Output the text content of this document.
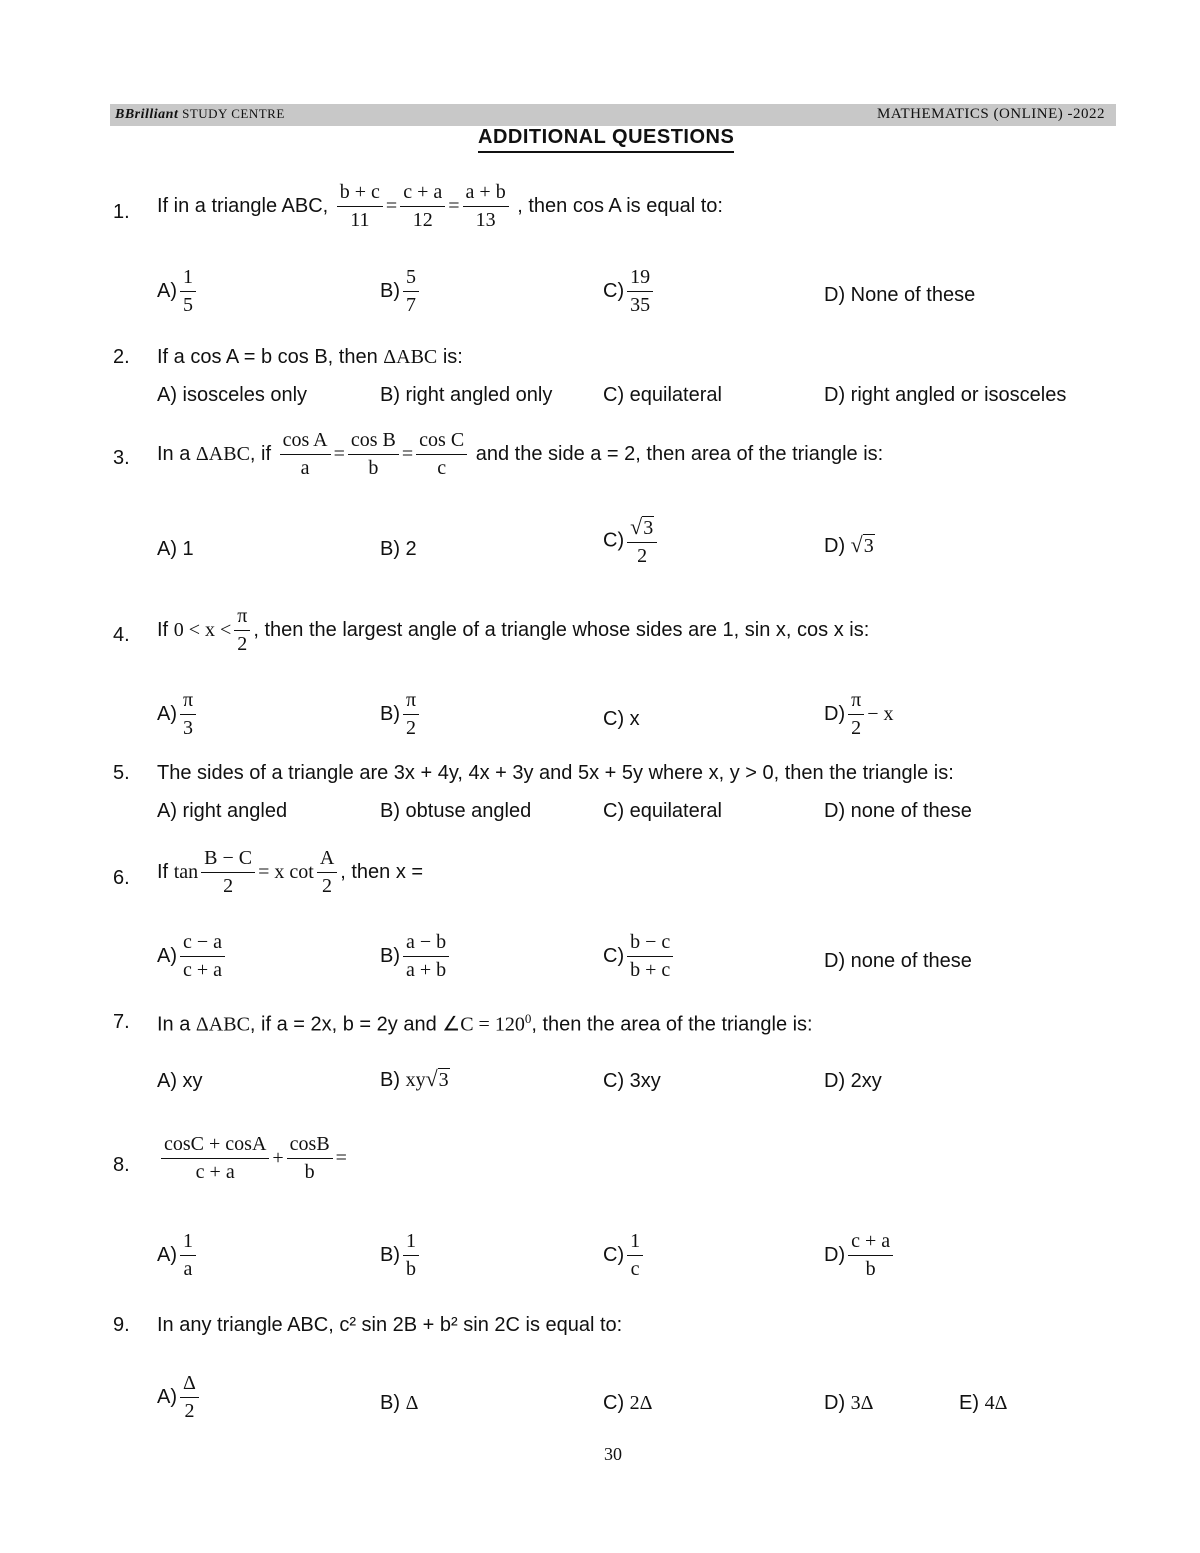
BBrilliant STUDY CENTRE	MATHEMATICS (ONLINE) -2022
ADDITIONAL QUESTIONS
1. If in a triangle ABC, $\frac{b + c}{11} = \frac{c + a}{12} = \frac{a + b}{13}$ , then cos A is equal to:
$A) \frac{1}{5}$	$B) \frac{5}{7}$	$C) \frac{19}{35}$	D) None of these
2. If a cos A = b cos B, then ΔABC is:
A) isosceles only	B) right angled only	C) equilateral	D) right angled or isosceles
3. In a ΔABC, if $\frac{\text{cos A}}{a} = \frac{\text{cos B}}{b} = \frac{\text{cos C}}{c}$ and the side a = 2, then area of the triangle is:
A) 1	B) 2	$C) \frac{√3}{2}$	D) √3
4. If $0 < x < \frac{\pi}{2}$ , then the largest angle of a triangle whose sides are 1, sin x, cos x is:
$A) \frac{\pi}{3}$	$B) \frac{\pi}{2}$	C) x	$D) \frac{\pi}{2} - x$
5. The sides of a triangle are 3x + 4y, 4x + 3y and 5x + 5y where x, y > 0, then the triangle is:
A) right angled	B) obtuse angled	C) equilateral	D) none of these
6. If $\tan \frac{B - C}{2} = x$ $\cot \frac{A}{2}$ , then x =
$A) \frac{c - a}{c + a}$	$B) \frac{a - b}{a + b}$	$C) \frac{b - c}{b + c}$	D) none of these
7. In a ΔABC, if a = 2x, b = 2y and ∠C = $120^0$, then the area of the triangle is:
A) xy	B) xy√3	C) 3xy	D) 2xy
8. $\frac{\cos C + \cos A}{c + a} + \frac{\cos B}{b}$ =
$A) \frac{1}{a}$	$B) \frac{1}{b}$	$C) \frac{1}{c}$	$D) \frac{c + a}{b}$
9. In any triangle ABC, c² sin 2B + b² sin 2C is equal to:
$A) \frac{\Delta}{2}$	B) Δ	C) 2Δ	D) 3Δ	E) 4Δ
30
